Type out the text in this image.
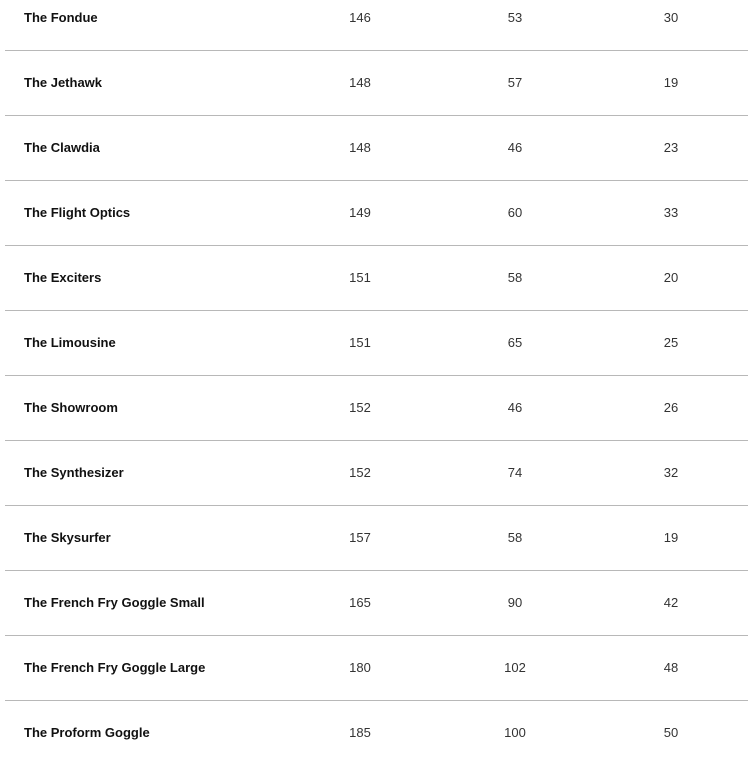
The Fondue	146	53	30
The Jethawk	148	57	19
The Clawdia	148	46	23
The Flight Optics	149	60	33
The Exciters	151	58	20
The Limousine	151	65	25
The Showroom	152	46	26
The Synthesizer	152	74	32
The Skysurfer	157	58	19
The French Fry Goggle Small	165	90	42
The French Fry Goggle Large	180	102	48
The Proform Goggle	185	100	50
